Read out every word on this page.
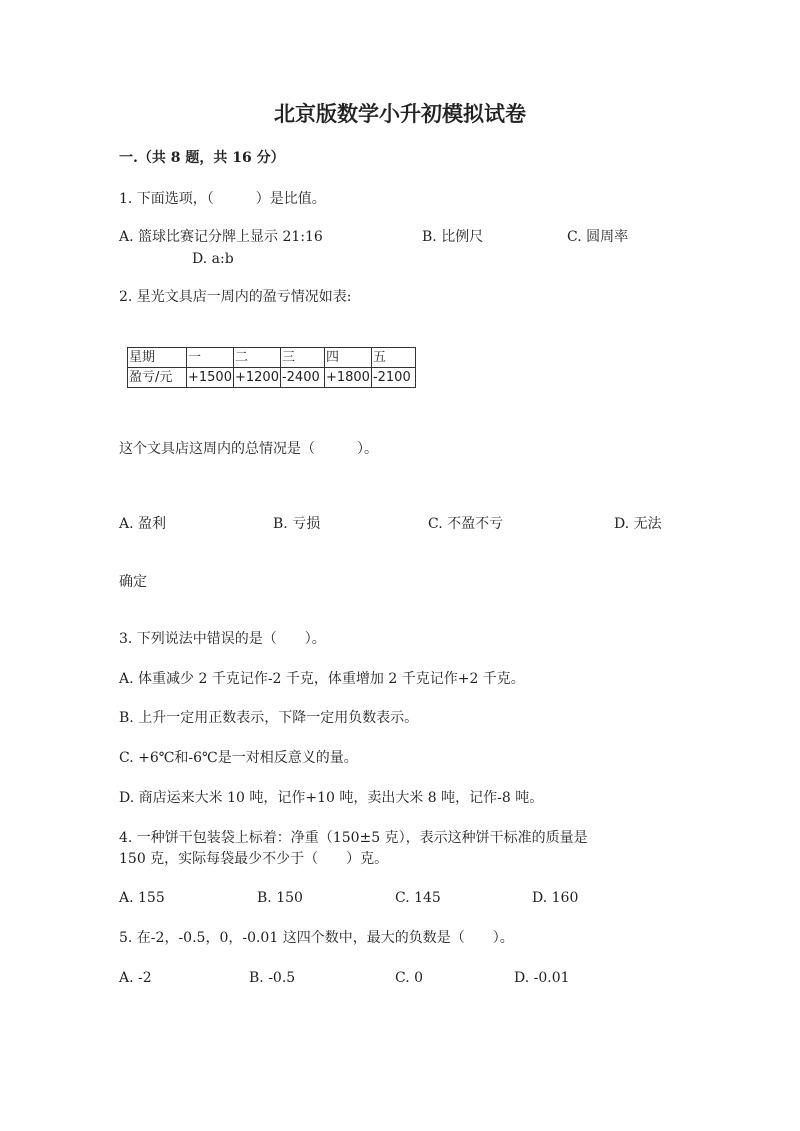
北京版数学小升初模拟试卷
一.（共 8 题，共 16 分）
1. 下面选项，（　　　）是比值。
A. 篮球比赛记分牌上显示 21:16	B. 比例尺	C. 圆周率
D. a:b
2. 星光文具店一周内的盈亏情况如表:
星期	一	二	三	四	五
盈亏/元	+1500	+1200	-2400	+1800	-2100
这个文具店这周内的总情况是（　　　）。
A. 盈利	B. 亏损	C. 不盈不亏	D. 无法
确定
3. 下列说法中错误的是（　　）。
A. 体重减少 2 千克记作-2 千克，体重增加 2 千克记作+2 千克。
B. 上升一定用正数表示，下降一定用负数表示。
C. +6℃和-6℃是一对相反意义的量。
D. 商店运来大米 10 吨，记作+10 吨，卖出大米 8 吨，记作-8 吨。
4. 一种饼干包装袋上标着：净重（150±5 克），表示这种饼干标准的质量是
150 克，实际每袋最少不少于（　　）克。
A. 155	B. 150	C. 145	D. 160
5. 在-2，-0.5，0，-0.01 这四个数中，最大的负数是（　　）。
A. -2	B. -0.5	C. 0	D. -0.01
